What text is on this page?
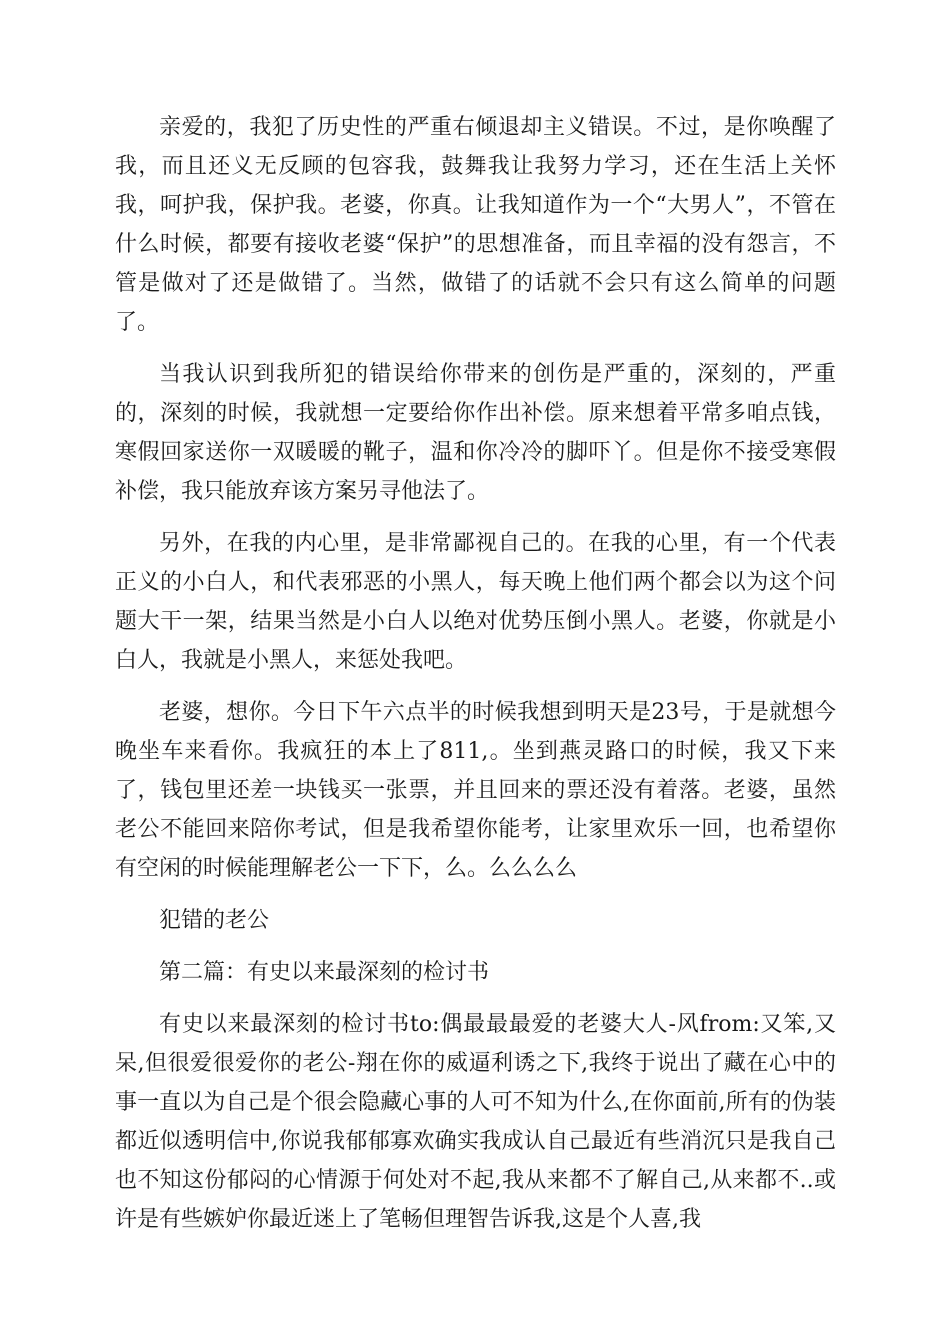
亲爱的，我犯了历史性的严重右倾退却主义错误。不过，是你唤醒了我，而且还义无反顾的包容我，鼓舞我让我努力学习，还在生活上关怀我，呵护我，保护我。老婆，你真。让我知道作为一个“大男人”，不管在什么时候，都要有接收老婆“保护”的思想准备，而且幸福的没有怨言，不管是做对了还是做错了。当然，做错了的话就不会只有这么简单的问题了。

当我认识到我所犯的错误给你带来的创伤是严重的，深刻的，严重的，深刻的时候，我就想一定要给你作出补偿。原来想着平常多咱点钱，寒假回家送你一双暖暖的靴子，温和你冷冷的脚吓丫。但是你不接受寒假补偿，我只能放弃该方案另寻他法了。

另外，在我的内心里，是非常鄙视自己的。在我的心里，有一个代表正义的小白人，和代表邪恶的小黑人，每天晚上他们两个都会以为这个问题大干一架，结果当然是小白人以绝对优势压倒小黑人。老婆，你就是小白人，我就是小黑人，来惩处我吧。

老婆，想你。今日下午六点半的时候我想到明天是23号，于是就想今晚坐车来看你。我疯狂的本上了811,。坐到燕灵路口的时候，我又下来了，钱包里还差一块钱买一张票，并且回来的票还没有着落。老婆，虽然老公不能回来陪你考试，但是我希望你能考，让家里欢乐一回，也希望你有空闲的时候能理解老公一下下，么。么么么么

犯错的老公

第二篇：有史以来最深刻的检讨书

有史以来最深刻的检讨书to:偶最最最爱的老婆大人-风from:又笨,又呆,但很爱很爱你的老公-翔在你的威逼利诱之下,我终于说出了藏在心中的事一直以为自己是个很会隐藏心事的人可不知为什么,在你面前,所有的伪装都近似透明信中,你说我郁郁寡欢确实我成认自己最近有些消沉只是我自己也不知这份郁闷的心情源于何处对不起,我从来都不了解自己,从来都不..或许是有些嫉妒你最近迷上了笔畅但理智告诉我,这是个人喜,我
